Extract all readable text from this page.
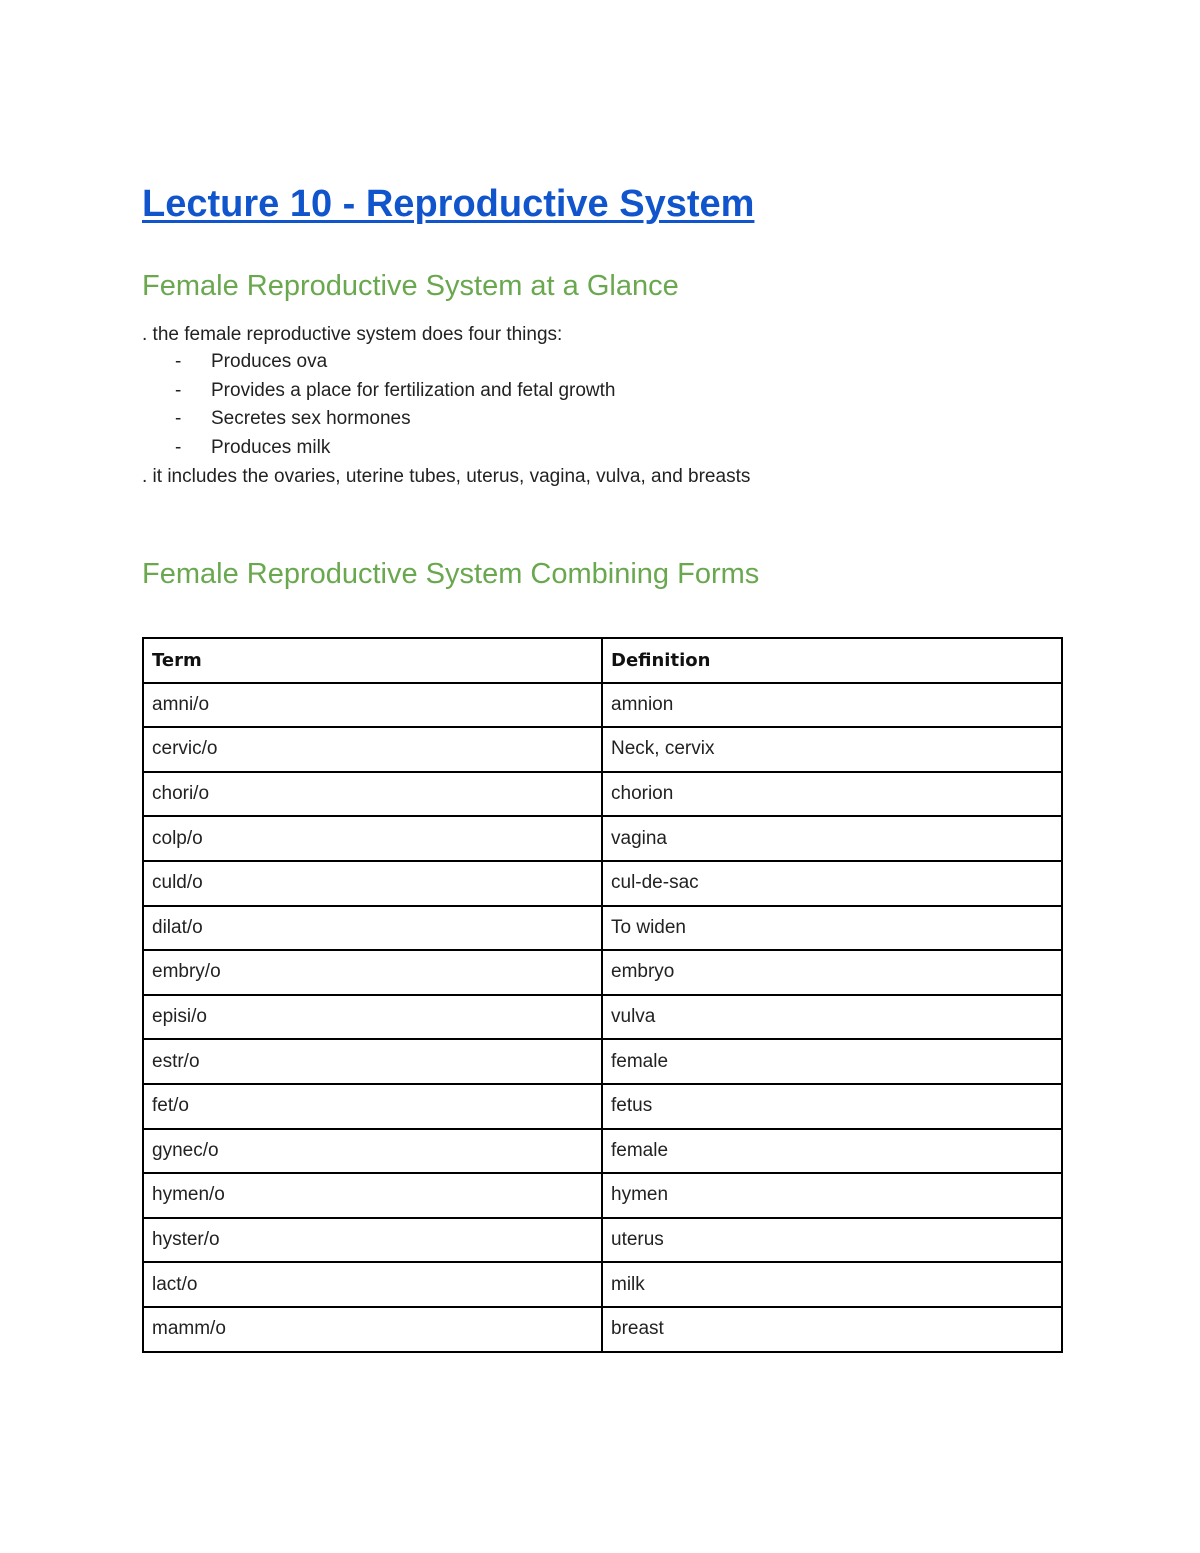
Lecture 10 - Reproductive System
Female Reproductive System at a Glance

. the female reproductive system does four things:

- Produces ova
- Provides a place for fertilization and fetal growth
- Secretes sex hormones
- Produces milk

. it includes the ovaries, uterine tubes, uterus, vagina, vulva, and breasts

Female Reproductive System Combining Forms
Term	Definition
amni/o	amnion
cervic/o	Neck, cervix
chori/o	chorion
colp/o	vagina
culd/o	cul-de-sac
dilat/o	To widen
embry/o	embryo
episi/o	vulva
estr/o	female
fet/o	fetus
gynec/o	female
hymen/o	hymen
hyster/o	uterus
lact/o	milk
mamm/o	breast
